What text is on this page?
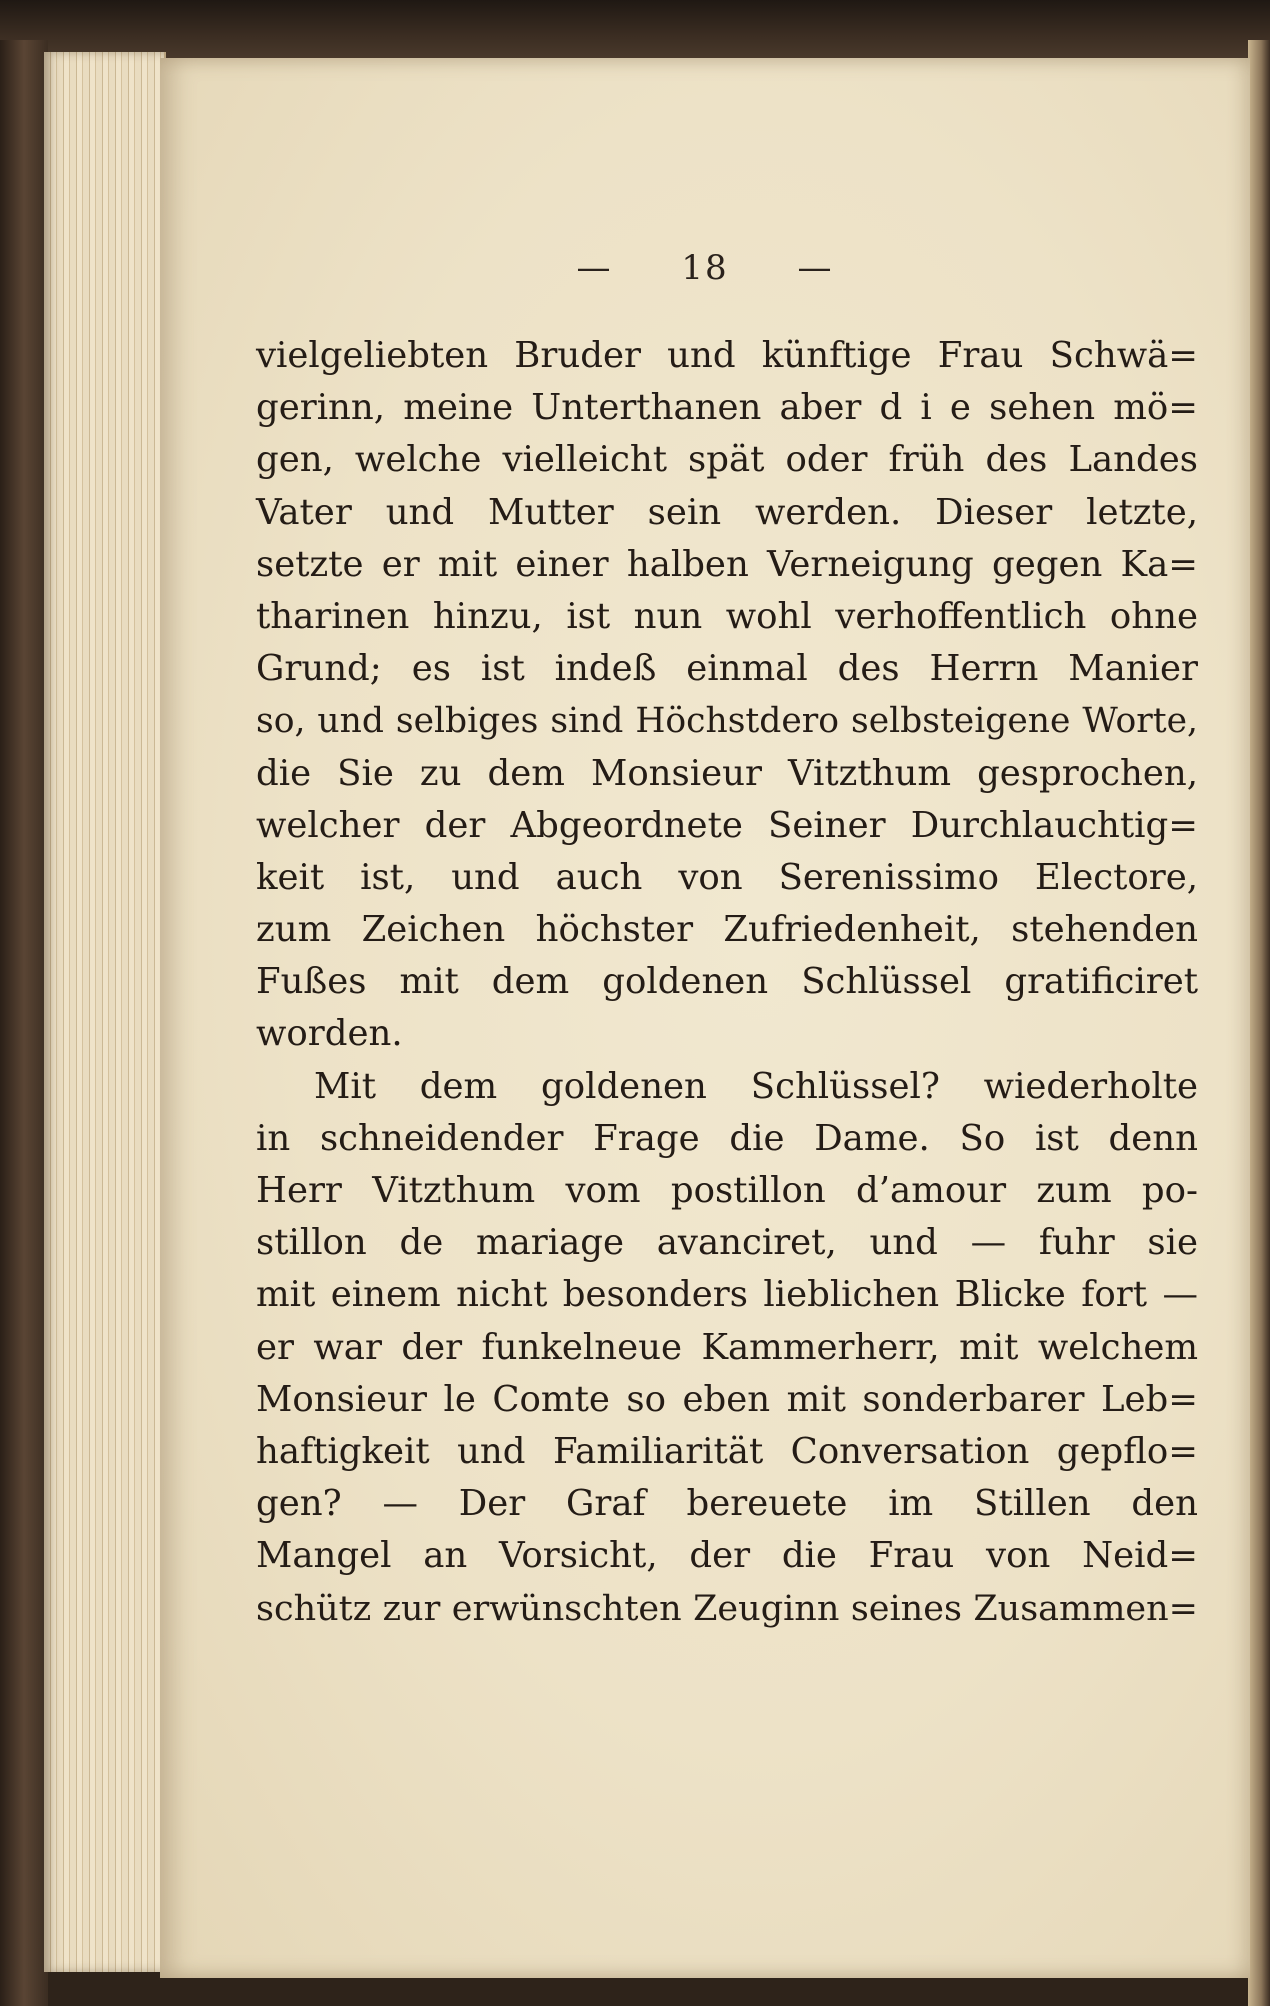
— 18 —
vielgeliebten Bruder und künftige Frau Schwä=
gerinn, meine Unterthanen aber d i e sehen mö=
gen, welche vielleicht spät oder früh des Landes
Vater und Mutter sein werden. Dieser letzte,
setzte er mit einer halben Verneigung gegen Ka=
tharinen hinzu, ist nun wohl verhoffentlich ohne
Grund; es ist indeß einmal des Herrn Manier
so, und selbiges sind Höchstdero selbsteigene Worte,
die Sie zu dem Monsieur Vitzthum gesprochen,
welcher der Abgeordnete Seiner Durchlauchtig=
keit ist, und auch von Serenissimo Electore,
zum Zeichen höchster Zufriedenheit, stehenden
Fußes mit dem goldenen Schlüssel gratificiret
worden.
Mit dem goldenen Schlüssel? wiederholte
in schneidender Frage die Dame. So ist denn
Herr Vitzthum vom postillon d’amour zum po-
stillon de mariage avanciret, und — fuhr sie
mit einem nicht besonders lieblichen Blicke fort —
er war der funkelneue Kammerherr, mit welchem
Monsieur le Comte so eben mit sonderbarer Leb=
haftigkeit und Familiarität Conversation gepflo=
gen? — Der Graf bereuete im Stillen den
Mangel an Vorsicht, der die Frau von Neid=
schütz zur erwünschten Zeuginn seines Zusammen=
